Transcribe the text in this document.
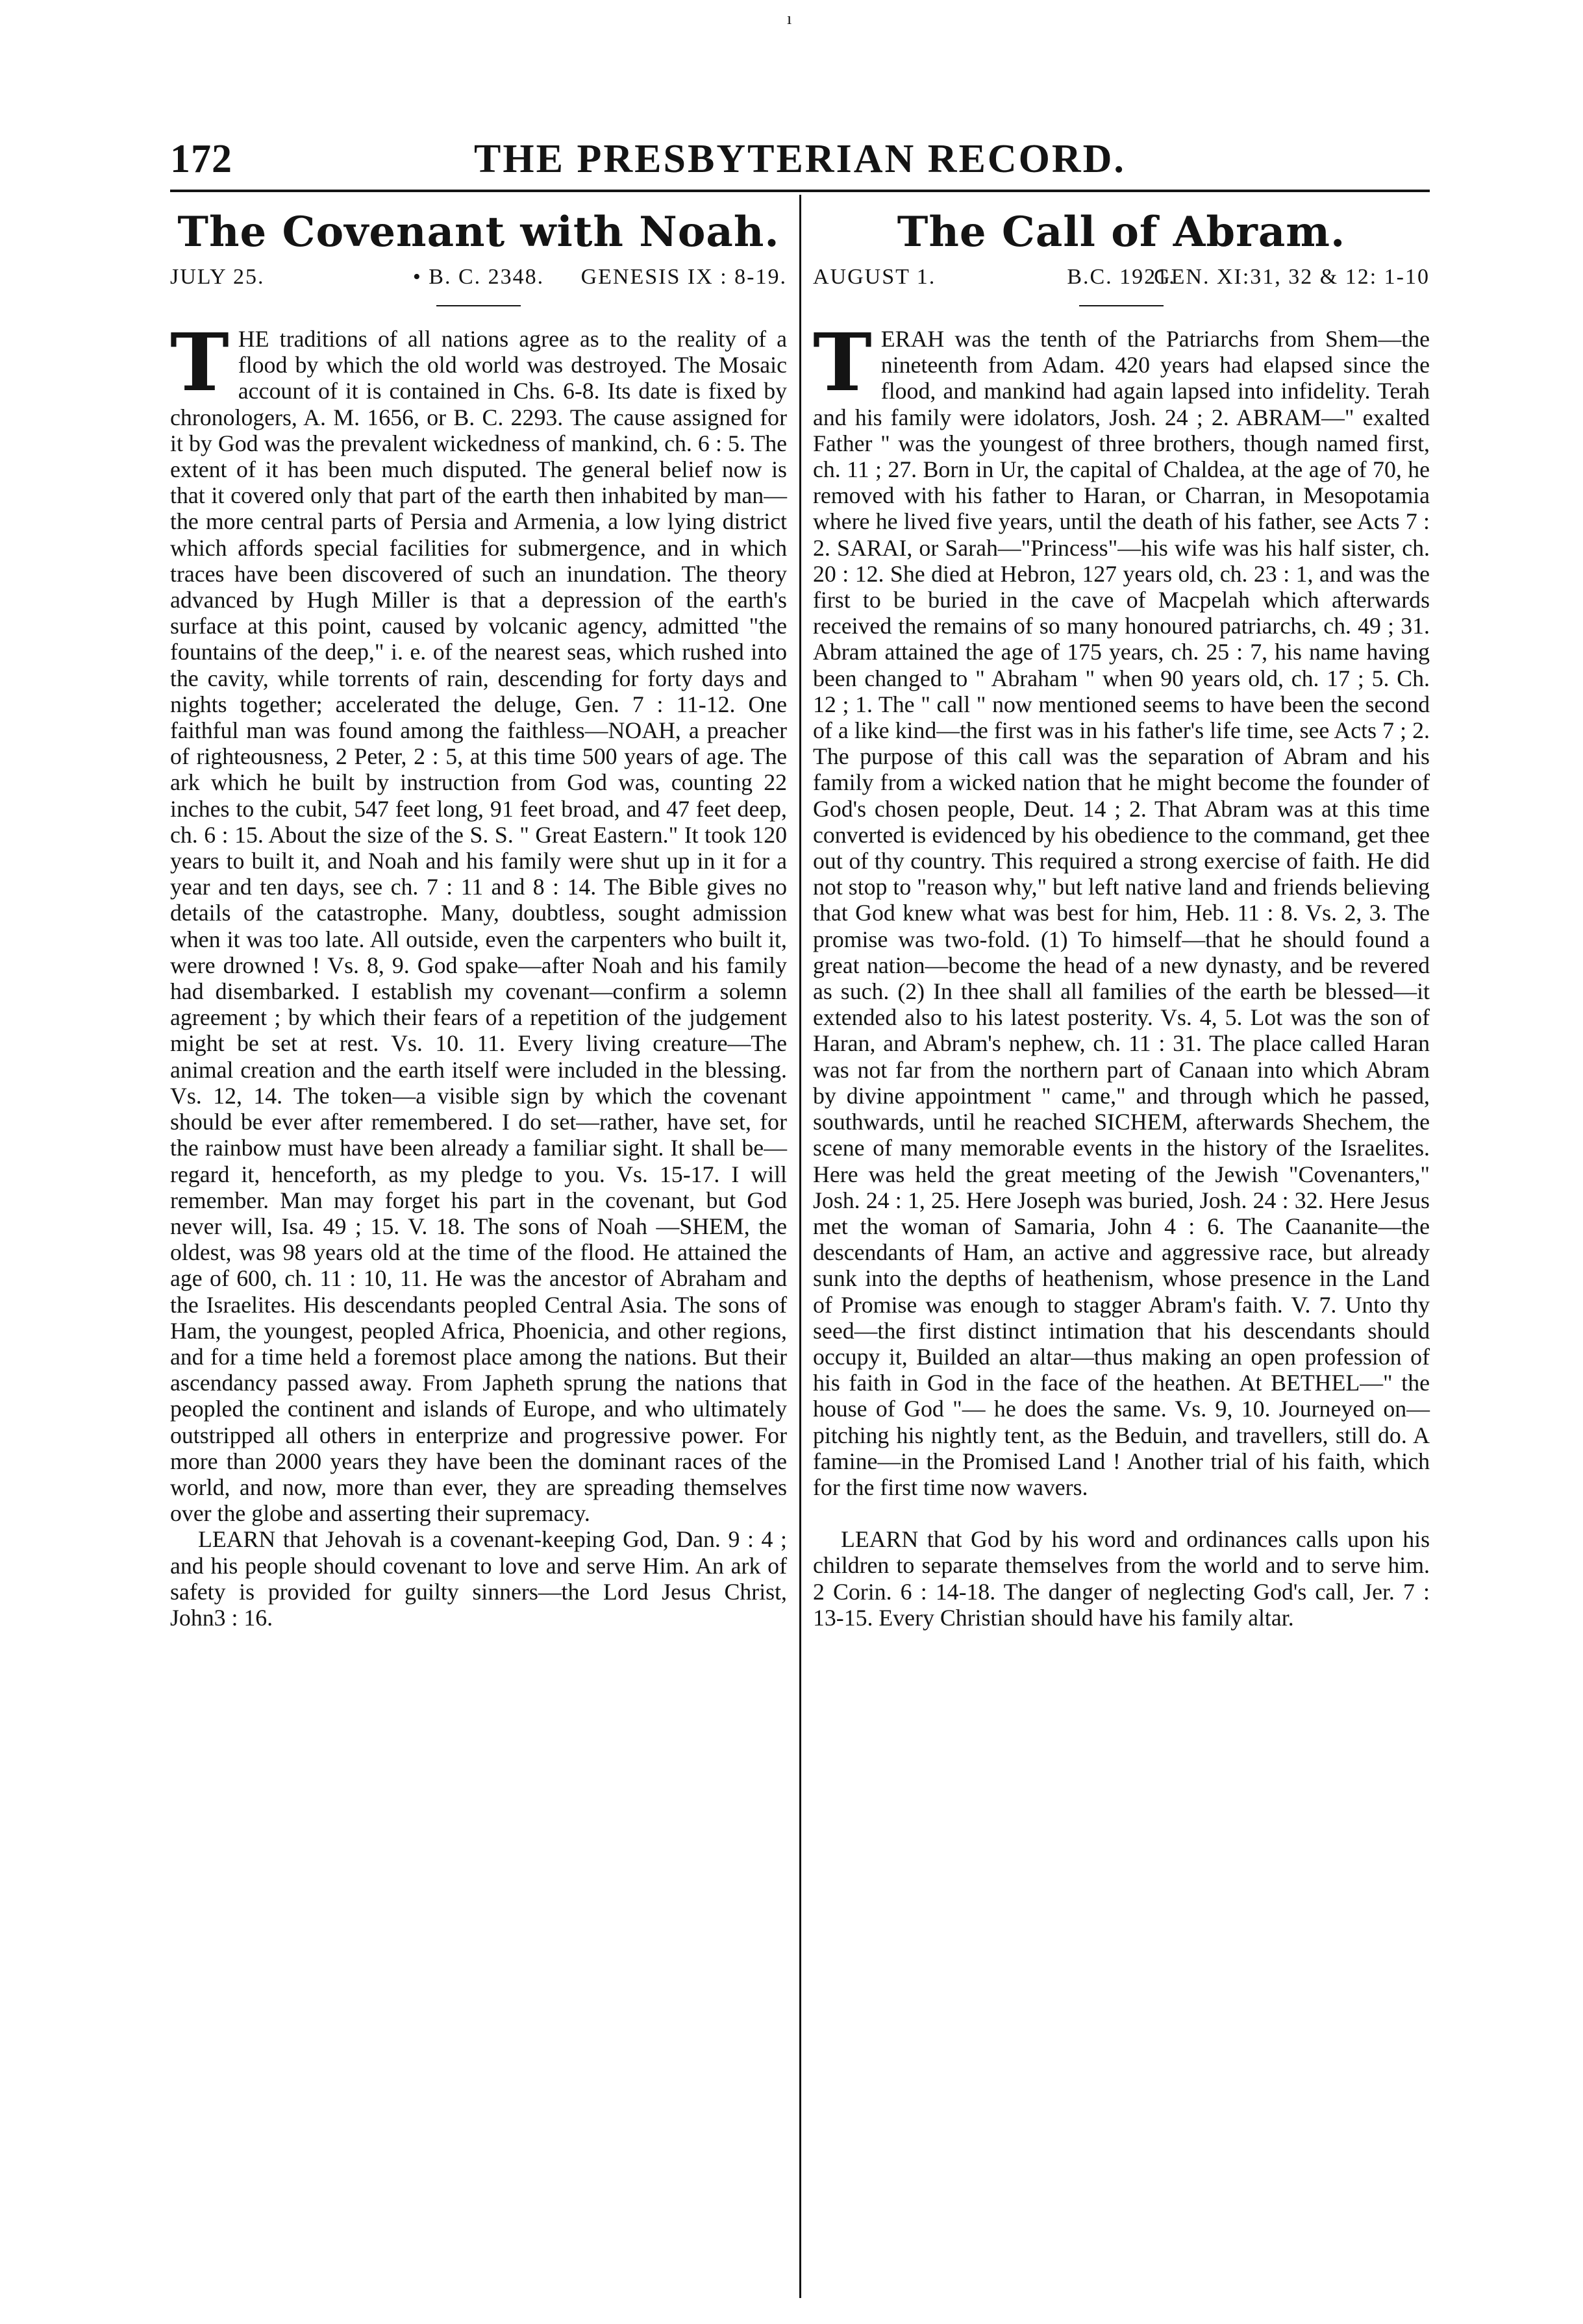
ı
172	THE PRESBYTERIAN RECORD.
The Covenant with Noah.
JULY 25.	• B. C. 2348. GENESIS IX : 8-19.

THE traditions of all nations agree as to the reality of a flood by which the old world was destroyed. The Mosaic account of it is contained in Chs. 6-8. Its date is fixed by chronologers, A. M. 1656, or B. C. 2293. The cause assigned for it by God was the prevalent wickedness of mankind, ch. 6 : 5. The extent of it has been much disputed. The general belief now is that it covered only that part of the earth then inhabited by man—the more central parts of Persia and Armenia, a low lying district which affords special facilities for submergence, and in which traces have been discovered of such an inundation. The theory advanced by Hugh Miller is that a depression of the earth's surface at this point, caused by volcanic agency, admitted "the fountains of the deep," i. e. of the nearest seas, which rushed into the cavity, while torrents of rain, descending for forty days and nights together; accelerated the deluge, Gen. 7 : 11-12. One faithful man was found among the faithless—NOAH, a preacher of righteousness, 2 Peter, 2 : 5, at this time 500 years of age. The ark which he built by instruction from God was, counting 22 inches to the cubit, 547 feet long, 91 feet broad, and 47 feet deep, ch. 6 : 15. About the size of the S. S. " Great Eastern." It took 120 years to built it, and Noah and his family were shut up in it for a year and ten days, see ch. 7 : 11 and 8 : 14. The Bible gives no details of the catastrophe. Many, doubtless, sought admission when it was too late. All outside, even the carpenters who built it, were drowned ! Vs. 8, 9. God spake—after Noah and his family had disembarked. I establish my covenant—confirm a solemn agreement ; by which their fears of a repetition of the judgement might be set at rest. Vs. 10. 11. Every living creature—The animal creation and the earth itself were included in the blessing. Vs. 12, 14. The token—a visible sign by which the covenant should be ever after remembered. I do set—rather, have set, for the rainbow must have been already a familiar sight. It shall be—regard it, henceforth, as my pledge to you. Vs. 15-17. I will remember. Man may forget his part in the covenant, but God never will, Isa. 49 ; 15. V. 18. The sons of Noah —SHEM, the oldest, was 98 years old at the time of the flood. He attained the age of 600, ch. 11 : 10, 11. He was the ancestor of Abraham and the Israelites. His descendants peopled Central Asia. The sons of Ham, the youngest, peopled Africa, Phoenicia, and other regions, and for a time held a foremost place among the nations. But their ascendancy passed away. From Japheth sprung the nations that peopled the continent and islands of Europe, and who ultimately outstripped all others in enterprize and progressive power. For more than 2000 years they have been the dominant races of the world, and now, more than ever, they are spreading themselves over the globe and asserting their supremacy.

LEARN that Jehovah is a covenant-keeping God, Dan. 9 : 4 ; and his people should covenant to love and serve Him. An ark of safety is provided for guilty sinners—the Lord Jesus Christ, John3 : 16.

The Call of Abram.
AUGUST 1.	B.C. 1921.
GEN. XI:31, 32 & 12: 1-10

TERAH was the tenth of the Patriarchs from Shem—the nineteenth from Adam. 420 years had elapsed since the flood, and mankind had again lapsed into infidelity. Terah and his family were idolators, Josh. 24 ; 2. ABRAM—" exalted Father " was the youngest of three brothers, though named first, ch. 11 ; 27. Born in Ur, the capital of Chaldea, at the age of 70, he removed with his father to Haran, or Charran, in Mesopotamia where he lived five years, until the death of his father, see Acts 7 : 2. SARAI, or Sarah—"Princess"—his wife was his half sister, ch. 20 : 12. She died at Hebron, 127 years old, ch. 23 : 1, and was the first to be buried in the cave of Macpelah which afterwards received the remains of so many honoured patriarchs, ch. 49 ; 31. Abram attained the age of 175 years, ch. 25 : 7, his name having been changed to " Abraham " when 90 years old, ch. 17 ; 5. Ch. 12 ; 1. The " call " now mentioned seems to have been the second of a like kind—the first was in his father's life time, see Acts 7 ; 2. The purpose of this call was the separation of Abram and his family from a wicked nation that he might become the founder of God's chosen people, Deut. 14 ; 2. That Abram was at this time converted is evidenced by his obedience to the command, get thee out of thy country. This required a strong exercise of faith. He did not stop to "reason why," but left native land and friends believing that God knew what was best for him, Heb. 11 : 8. Vs. 2, 3. The promise was two-fold. (1) To himself—that he should found a great nation—become the head of a new dynasty, and be revered as such. (2) In thee shall all families of the earth be blessed—it extended also to his latest posterity. Vs. 4, 5. Lot was the son of Haran, and Abram's nephew, ch. 11 : 31. The place called Haran was not far from the northern part of Canaan into which Abram by divine appointment " came," and through which he passed, southwards, until he reached SICHEM, afterwards Shechem, the scene of many memorable events in the history of the Israelites. Here was held the great meeting of the Jewish "Covenanters," Josh. 24 : 1, 25. Here Joseph was buried, Josh. 24 : 32. Here Jesus met the woman of Samaria, John 4 : 6. The Caananite—the descendants of Ham, an active and aggressive race, but already sunk into the depths of heathenism, whose presence in the Land of Promise was enough to stagger Abram's faith. V. 7. Unto thy seed—the first distinct intimation that his descendants should occupy it, Builded an altar—thus making an open profession of his faith in God in the face of the heathen. At BETHEL—" the house of God "— he does the same. Vs. 9, 10. Journeyed on—pitching his nightly tent, as the Beduin, and travellers, still do. A famine—in the Promised Land ! Another trial of his faith, which for the first time now wavers.

LEARN that God by his word and ordinances calls upon his children to separate themselves from the world and to serve him. 2 Corin. 6 : 14-18. The danger of neglecting God's call, Jer. 7 : 13-15. Every Christian should have his family altar.
